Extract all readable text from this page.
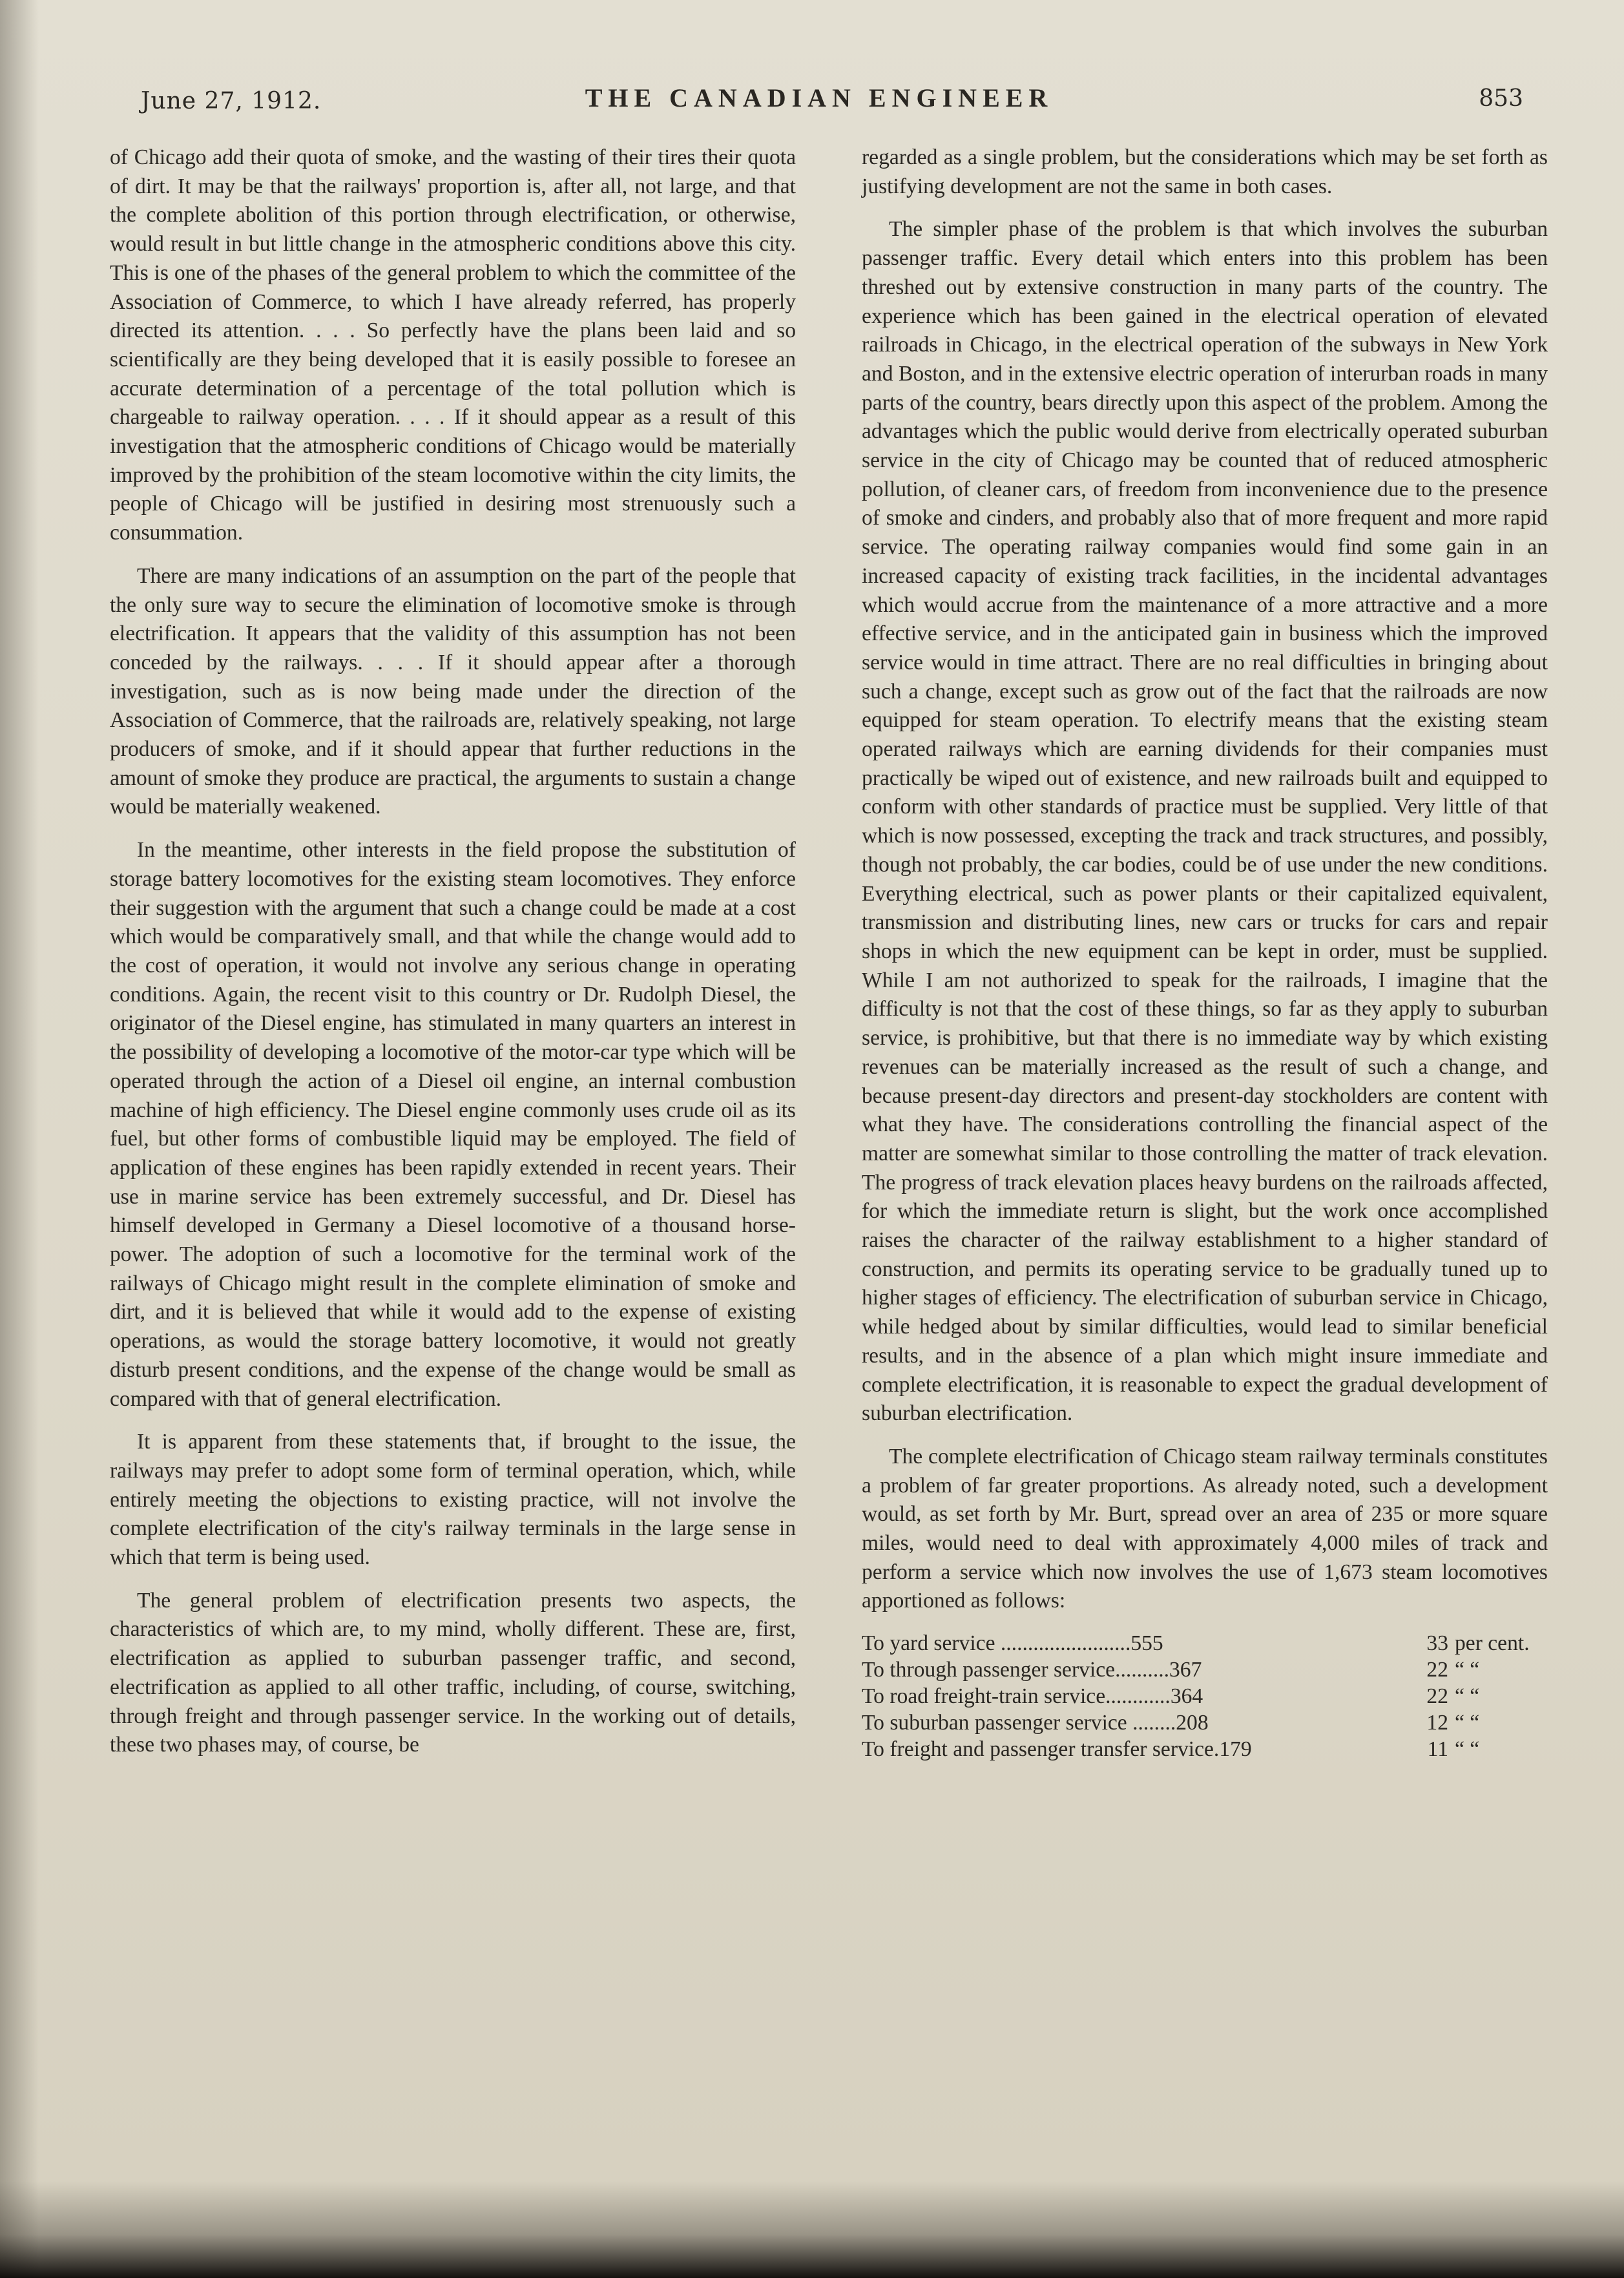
June 27, 1912.	THE CANADIAN ENGINEER	853

of Chicago add their quota of smoke, and the wasting of their tires their quota of dirt. It may be that the railways' proportion is, after all, not large, and that the complete abolition of this portion through electrification, or otherwise, would result in but little change in the atmospheric conditions above this city. This is one of the phases of the general problem to which the committee of the Association of Commerce, to which I have already referred, has properly directed its attention. . . . So perfectly have the plans been laid and so scientifically are they being developed that it is easily possible to foresee an accurate determination of a percentage of the total pollution which is chargeable to railway operation. . . . If it should appear as a result of this investigation that the atmospheric conditions of Chicago would be materially improved by the prohibition of the steam locomotive within the city limits, the people of Chicago will be justified in desiring most strenuously such a consummation.

There are many indications of an assumption on the part of the people that the only sure way to secure the elimination of locomotive smoke is through electrification. It appears that the validity of this assumption has not been conceded by the railways. . . . If it should appear after a thorough investigation, such as is now being made under the direction of the Association of Commerce, that the railroads are, relatively speaking, not large producers of smoke, and if it should appear that further reductions in the amount of smoke they produce are practical, the arguments to sustain a change would be materially weakened.

In the meantime, other interests in the field propose the substitution of storage battery locomotives for the existing steam locomotives. They enforce their suggestion with the argument that such a change could be made at a cost which would be comparatively small, and that while the change would add to the cost of operation, it would not involve any serious change in operating conditions. Again, the recent visit to this country or Dr. Rudolph Diesel, the originator of the Diesel engine, has stimulated in many quarters an interest in the possibility of developing a locomotive of the motor-car type which will be operated through the action of a Diesel oil engine, an internal combustion machine of high efficiency. The Diesel engine commonly uses crude oil as its fuel, but other forms of combustible liquid may be employed. The field of application of these engines has been rapidly extended in recent years. Their use in marine service has been extremely successful, and Dr. Diesel has himself developed in Germany a Diesel locomotive of a thousand horse-power. The adoption of such a locomotive for the terminal work of the railways of Chicago might result in the complete elimination of smoke and dirt, and it is believed that while it would add to the expense of existing operations, as would the storage battery locomotive, it would not greatly disturb present conditions, and the expense of the change would be small as compared with that of general electrification.

It is apparent from these statements that, if brought to the issue, the railways may prefer to adopt some form of terminal operation, which, while entirely meeting the objections to existing practice, will not involve the complete electrification of the city's railway terminals in the large sense in which that term is being used.

The general problem of electrification presents two aspects, the characteristics of which are, to my mind, wholly different. These are, first, electrification as applied to suburban passenger traffic, and second, electrification as applied to all other traffic, including, of course, switching, through freight and through passenger service. In the working out of details, these two phases may, of course, be

regarded as a single problem, but the considerations which may be set forth as justifying development are not the same in both cases.

The simpler phase of the problem is that which involves the suburban passenger traffic. Every detail which enters into this problem has been threshed out by extensive construction in many parts of the country. The experience which has been gained in the electrical operation of elevated railroads in Chicago, in the electrical operation of the subways in New York and Boston, and in the extensive electric operation of interurban roads in many parts of the country, bears directly upon this aspect of the problem. Among the advantages which the public would derive from electrically operated suburban service in the city of Chicago may be counted that of reduced atmospheric pollution, of cleaner cars, of freedom from inconvenience due to the presence of smoke and cinders, and probably also that of more frequent and more rapid service. The operating railway companies would find some gain in an increased capacity of existing track facilities, in the incidental advantages which would accrue from the maintenance of a more attractive and a more effective service, and in the anticipated gain in business which the improved service would in time attract. There are no real difficulties in bringing about such a change, except such as grow out of the fact that the railroads are now equipped for steam operation. To electrify means that the existing steam operated railways which are earning dividends for their companies must practically be wiped out of existence, and new railroads built and equipped to conform with other standards of practice must be supplied. Very little of that which is now possessed, excepting the track and track structures, and possibly, though not probably, the car bodies, could be of use under the new conditions. Everything electrical, such as power plants or their capitalized equivalent, transmission and distributing lines, new cars or trucks for cars and repair shops in which the new equipment can be kept in order, must be supplied. While I am not authorized to speak for the railroads, I imagine that the difficulty is not that the cost of these things, so far as they apply to suburban service, is prohibitive, but that there is no immediate way by which existing revenues can be materially increased as the result of such a change, and because present-day directors and present-day stockholders are content with what they have. The considerations controlling the financial aspect of the matter are somewhat similar to those controlling the matter of track elevation. The progress of track elevation places heavy burdens on the railroads affected, for which the immediate return is slight, but the work once accomplished raises the character of the railway establishment to a higher standard of construction, and permits its operating service to be gradually tuned up to higher stages of efficiency. The electrification of suburban service in Chicago, while hedged about by similar difficulties, would lead to similar beneficial results, and in the absence of a plan which might insure immediate and complete electrification, it is reasonable to expect the gradual development of suburban electrification.

The complete electrification of Chicago steam railway terminals constitutes a problem of far greater proportions. As already noted, such a development would, as set forth by Mr. Burt, spread over an area of 235 or more square miles, would need to deal with approximately 4,000 miles of track and perform a service which now involves the use of 1,673 steam locomotives apportioned as follows:

To yard service ........................555	33	per cent.
To through passenger service..........367	22	“ “
To road freight-train service............364	22	“ “
To suburban passenger service ........208	12	“ “
To freight and passenger transfer service.179	11	“ “
